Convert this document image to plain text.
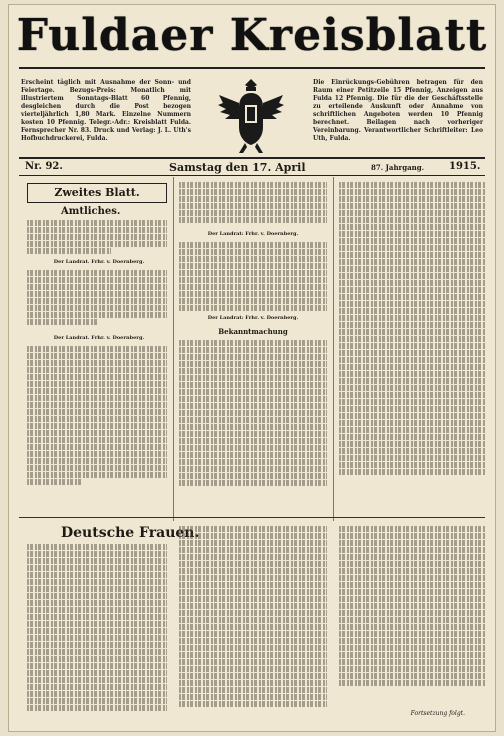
Fuldaer Kreisblatt
Erscheint täglich mit Ausnahme der Sonn- und Feiertage. Bezugs-Preis: Monatlich mit illustriertem Sonntags-Blatt 60 Pfennig, desgleichen durch die Post bezogen vierteljährlich 1,80 Mark. Einzelne Nummern kosten 10 Pfennig. Telegr.-Adr.: Kreisblatt Fulda. Fernsprecher Nr. 83. Druck und Verlag: J. L. Uth's Hofbuchdruckerei, Fulda.
Die Einrückungs-Gebühren betragen für den Raum einer Petitzeile 15 Pfennig, Anzeigen aus Fulda 12 Pfennig. Die für die der Geschäftsstelle zu erteilende Auskunft oder Annahme von schriftlichen Angeboten werden 10 Pfennig berechnet. Beilagen nach vorheriger Vereinbarung. Verantwortlicher Schriftleiter: Leo Uth, Fulda.
Nr. 92.	Samstag den 17. April	87. Jahrgang. 1915.
Zweites Blatt.
Amtliches.
Der Landrat. Frhr. v. Doernberg.
Der Landrat. Frhr. v. Doernberg.
Der Landrat: Frhr. v. Doernberg.
Der Landrat: Frhr. v. Doernberg.
Bekanntmachung
Deutsche Frauen.
Fortsetzung folgt.
